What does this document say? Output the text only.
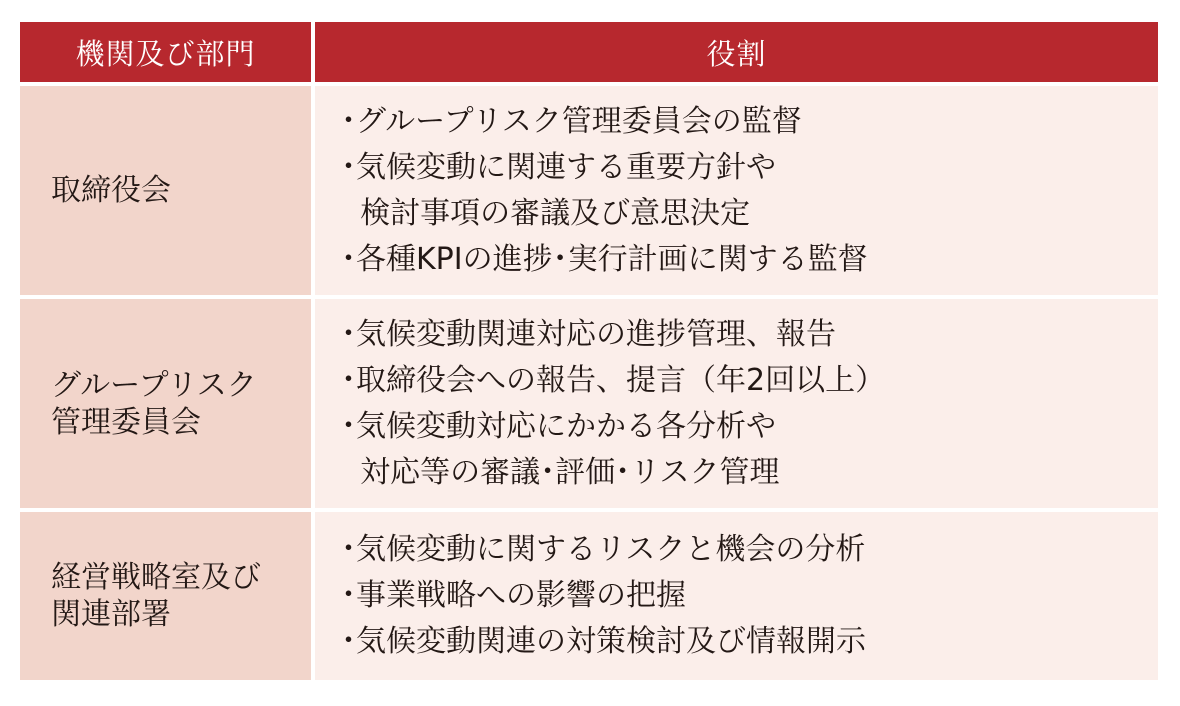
機関及び部門	役割
取締役会
･グループリスク管理委員会の監督
･気候変動に関連する重要方針や
検討事項の審議及び意思決定
･各種KPIの進捗･実行計画に関する監督
グループリスク
管理委員会
･気候変動関連対応の進捗管理、報告
･取締役会への報告、提言（年2回以上）
･気候変動対応にかかる各分析や
対応等の審議･評価･リスク管理
経営戦略室及び
関連部署
･気候変動に関するリスクと機会の分析
･事業戦略への影響の把握
･気候変動関連の対策検討及び情報開示
